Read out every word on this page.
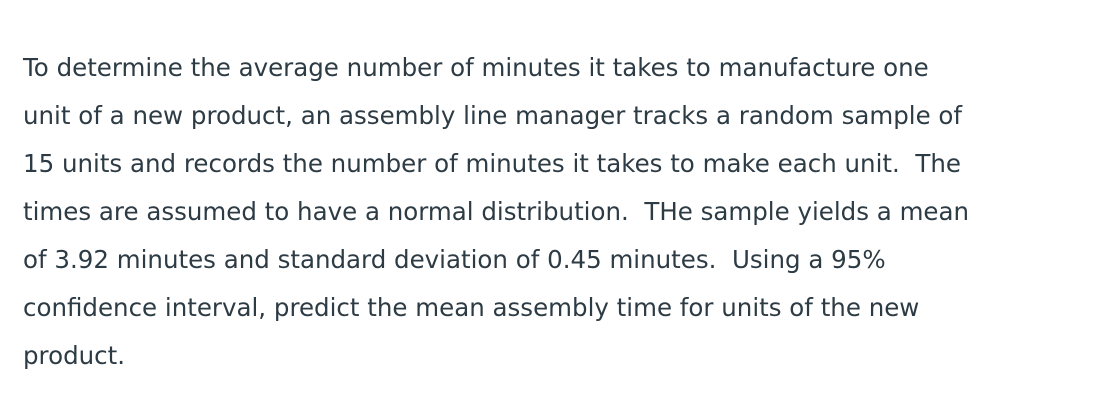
To determine the average number of minutes it takes to manufacture one
unit of a new product, an assembly line manager tracks a random sample of
15 units and records the number of minutes it takes to make each unit.  The
times are assumed to have a normal distribution.  THe sample yields a mean
of 3.92 minutes and standard deviation of 0.45 minutes.  Using a 95%
confidence interval, predict the mean assembly time for units of the new
product.
